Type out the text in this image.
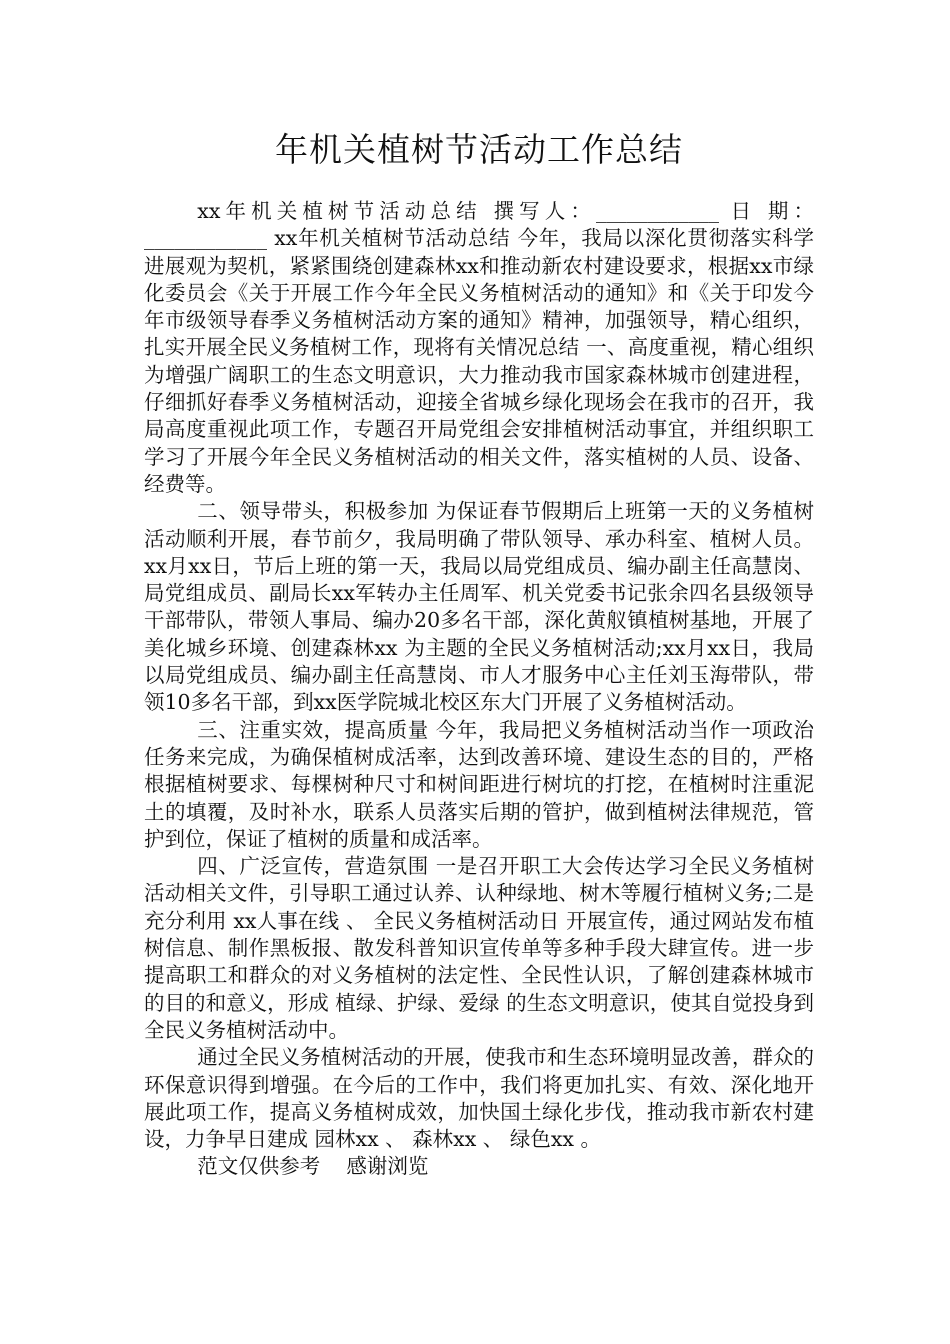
年机关植树节活动工作总结

xx年机关植树节活动总结 撰写人：____________ 日 期：____________ xx年机关植树节活动总结 今年，我局以深化贯彻落实科学进展观为契机，紧紧围绕创建森林xx和推动新农村建设要求，根据xx市绿化委员会《关于开展工作今年全民义务植树活动的通知》和《关于印发今年市级领导春季义务植树活动方案的通知》精神，加强领导，精心组织，扎实开展全民义务植树工作，现将有关情况总结 一、高度重视，精心组织 为增强广阔职工的生态文明意识，大力推动我市国家森林城市创建进程，仔细抓好春季义务植树活动，迎接全省城乡绿化现场会在我市的召开，我局高度重视此项工作，专题召开局党组会安排植树活动事宜，并组织职工学习了开展今年全民义务植树活动的相关文件，落实植树的人员、设备、经费等。

二、领导带头，积极参加 为保证春节假期后上班第一天的义务植树活动顺利开展，春节前夕，我局明确了带队领导、承办科室、植树人员。xx月xx日，节后上班的第一天，我局以局党组成员、编办副主任高慧岗、局党组成员、副局长xx军转办主任周军、机关党委书记张余四名县级领导干部带队，带领人事局、编办20多名干部，深化黄舣镇植树基地，开展了 美化城乡环境、创建森林xx 为主题的全民义务植树活动;xx月xx日，我局以局党组成员、编办副主任高慧岗、市人才服务中心主任刘玉海带队，带领10多名干部，到xx医学院城北校区东大门开展了义务植树活动。

三、注重实效，提高质量 今年，我局把义务植树活动当作一项政治任务来完成，为确保植树成活率，达到改善环境、建设生态的目的，严格根据植树要求、每棵树种尺寸和树间距进行树坑的打挖，在植树时注重泥土的填覆，及时补水，联系人员落实后期的管护，做到植树法律规范，管护到位，保证了植树的质量和成活率。

四、广泛宣传，营造氛围 一是召开职工大会传达学习全民义务植树活动相关文件，引导职工通过认养、认种绿地、树木等履行植树义务;二是充分利用 xx人事在线 、 全民义务植树活动日 开展宣传，通过网站发布植树信息、制作黑板报、散发科普知识宣传单等多种手段大肆宣传。进一步提高职工和群众的对义务植树的法定性、全民性认识，了解创建森林城市的目的和意义，形成 植绿、护绿、爱绿 的生态文明意识，使其自觉投身到全民义务植树活动中。

通过全民义务植树活动的开展，使我市和生态环境明显改善，群众的环保意识得到增强。在今后的工作中，我们将更加扎实、有效、深化地开展此项工作，提高义务植树成效，加快国土绿化步伐，推动我市新农村建设，力争早日建成 园林xx 、 森林xx 、 绿色xx 。

范文仅供参考    感谢浏览
